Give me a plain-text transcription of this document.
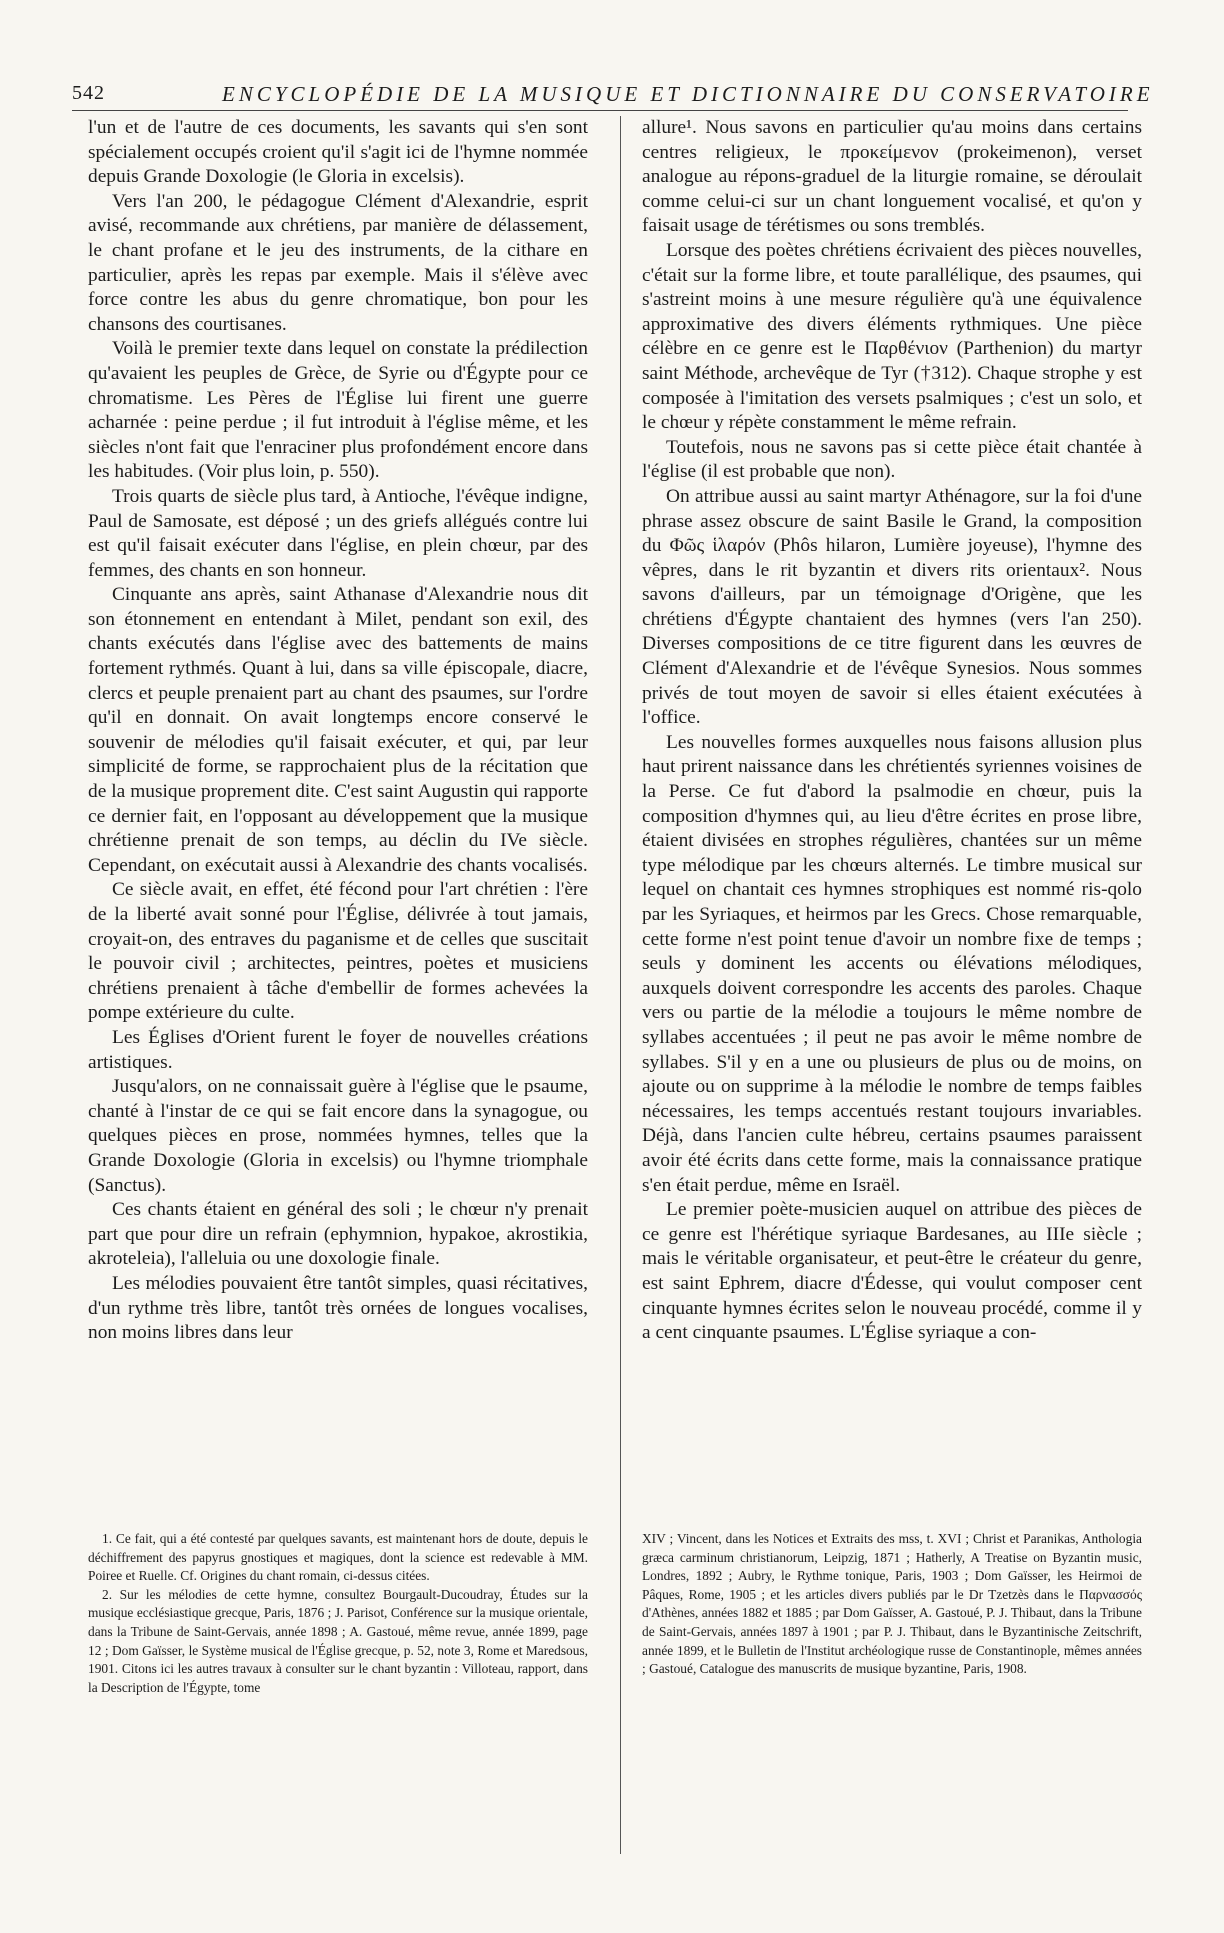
542	ENCYCLOPÉDIE DE LA MUSIQUE ET DICTIONNAIRE DU CONSERVATOIRE

l'un et de l'autre de ces documents, les savants qui s'en sont spécialement occupés croient qu'il s'agit ici de l'hymne nommée depuis Grande Doxologie (le Gloria in excelsis).

Vers l'an 200, le pédagogue Clément d'Alexandrie, esprit avisé, recommande aux chrétiens, par manière de délassement, le chant profane et le jeu des instruments, de la cithare en particulier, après les repas par exemple. Mais il s'élève avec force contre les abus du genre chromatique, bon pour les chansons des courtisanes.

Voilà le premier texte dans lequel on constate la prédilection qu'avaient les peuples de Grèce, de Syrie ou d'Égypte pour ce chromatisme. Les Pères de l'Église lui firent une guerre acharnée : peine perdue ; il fut introduit à l'église même, et les siècles n'ont fait que l'enraciner plus profondément encore dans les habitudes. (Voir plus loin, p. 550).

Trois quarts de siècle plus tard, à Antioche, l'évêque indigne, Paul de Samosate, est déposé ; un des griefs allégués contre lui est qu'il faisait exécuter dans l'église, en plein chœur, par des femmes, des chants en son honneur.

Cinquante ans après, saint Athanase d'Alexandrie nous dit son étonnement en entendant à Milet, pendant son exil, des chants exécutés dans l'église avec des battements de mains fortement rythmés. Quant à lui, dans sa ville épiscopale, diacre, clercs et peuple prenaient part au chant des psaumes, sur l'ordre qu'il en donnait. On avait longtemps encore conservé le souvenir de mélodies qu'il faisait exécuter, et qui, par leur simplicité de forme, se rapprochaient plus de la récitation que de la musique proprement dite. C'est saint Augustin qui rapporte ce dernier fait, en l'opposant au développement que la musique chrétienne prenait de son temps, au déclin du IVe siècle. Cependant, on exécutait aussi à Alexandrie des chants vocalisés.

Ce siècle avait, en effet, été fécond pour l'art chrétien : l'ère de la liberté avait sonné pour l'Église, délivrée à tout jamais, croyait-on, des entraves du paganisme et de celles que suscitait le pouvoir civil ; architectes, peintres, poètes et musiciens chrétiens prenaient à tâche d'embellir de formes achevées la pompe extérieure du culte.

Les Églises d'Orient furent le foyer de nouvelles créations artistiques.

Jusqu'alors, on ne connaissait guère à l'église que le psaume, chanté à l'instar de ce qui se fait encore dans la synagogue, ou quelques pièces en prose, nommées hymnes, telles que la Grande Doxologie (Gloria in excelsis) ou l'hymne triomphale (Sanctus).

Ces chants étaient en général des soli ; le chœur n'y prenait part que pour dire un refrain (ephymnion, hypakoe, akrostikia, akroteleia), l'alleluia ou une doxologie finale.

Les mélodies pouvaient être tantôt simples, quasi récitatives, d'un rythme très libre, tantôt très ornées de longues vocalises, non moins libres dans leur

allure¹. Nous savons en particulier qu'au moins dans certains centres religieux, le προκείμενον (prokeimenon), verset analogue au répons-graduel de la liturgie romaine, se déroulait comme celui-ci sur un chant longuement vocalisé, et qu'on y faisait usage de térétismes ou sons tremblés.

Lorsque des poètes chrétiens écrivaient des pièces nouvelles, c'était sur la forme libre, et toute parallélique, des psaumes, qui s'astreint moins à une mesure régulière qu'à une équivalence approximative des divers éléments rythmiques. Une pièce célèbre en ce genre est le Παρθένιον (Parthenion) du martyr saint Méthode, archevêque de Tyr (†312). Chaque strophe y est composée à l'imitation des versets psalmiques ; c'est un solo, et le chœur y répète constamment le même refrain.

Toutefois, nous ne savons pas si cette pièce était chantée à l'église (il est probable que non).

On attribue aussi au saint martyr Athénagore, sur la foi d'une phrase assez obscure de saint Basile le Grand, la composition du Φῶς ἱλαρόν (Phôs hilaron, Lumière joyeuse), l'hymne des vêpres, dans le rit byzantin et divers rits orientaux². Nous savons d'ailleurs, par un témoignage d'Origène, que les chrétiens d'Égypte chantaient des hymnes (vers l'an 250). Diverses compositions de ce titre figurent dans les œuvres de Clément d'Alexandrie et de l'évêque Synesios. Nous sommes privés de tout moyen de savoir si elles étaient exécutées à l'office.

Les nouvelles formes auxquelles nous faisons allusion plus haut prirent naissance dans les chrétientés syriennes voisines de la Perse. Ce fut d'abord la psalmodie en chœur, puis la composition d'hymnes qui, au lieu d'être écrites en prose libre, étaient divisées en strophes régulières, chantées sur un même type mélodique par les chœurs alternés. Le timbre musical sur lequel on chantait ces hymnes strophiques est nommé ris-qolo par les Syriaques, et heirmos par les Grecs. Chose remarquable, cette forme n'est point tenue d'avoir un nombre fixe de temps ; seuls y dominent les accents ou élévations mélodiques, auxquels doivent correspondre les accents des paroles. Chaque vers ou partie de la mélodie a toujours le même nombre de syllabes accentuées ; il peut ne pas avoir le même nombre de syllabes. S'il y en a une ou plusieurs de plus ou de moins, on ajoute ou on supprime à la mélodie le nombre de temps faibles nécessaires, les temps accentués restant toujours invariables. Déjà, dans l'ancien culte hébreu, certains psaumes paraissent avoir été écrits dans cette forme, mais la connaissance pratique s'en était perdue, même en Israël.

Le premier poète-musicien auquel on attribue des pièces de ce genre est l'hérétique syriaque Bardesanes, au IIIe siècle ; mais le véritable organisateur, et peut-être le créateur du genre, est saint Ephrem, diacre d'Édesse, qui voulut composer cent cinquante hymnes écrites selon le nouveau procédé, comme il y a cent cinquante psaumes. L'Église syriaque a con-

1. Ce fait, qui a été contesté par quelques savants, est maintenant hors de doute, depuis le déchiffrement des papyrus gnostiques et magiques, dont la science est redevable à MM. Poiree et Ruelle. Cf. Origines du chant romain, ci-dessus citées.

2. Sur les mélodies de cette hymne, consultez Bourgault-Ducoudray, Études sur la musique ecclésiastique grecque, Paris, 1876 ; J. Parisot, Conférence sur la musique orientale, dans la Tribune de Saint-Gervais, année 1898 ; A. Gastoué, même revue, année 1899, page 12 ; Dom Gaïsser, le Système musical de l'Église grecque, p. 52, note 3, Rome et Maredsous, 1901. Citons ici les autres travaux à consulter sur le chant byzantin : Villoteau, rapport, dans la Description de l'Égypte, tome

XIV ; Vincent, dans les Notices et Extraits des mss, t. XVI ; Christ et Paranikas, Anthologia græca carminum christianorum, Leipzig, 1871 ; Hatherly, A Treatise on Byzantin music, Londres, 1892 ; Aubry, le Rythme tonique, Paris, 1903 ; Dom Gaïsser, les Heirmoi de Pâques, Rome, 1905 ; et les articles divers publiés par le Dr Tzetzès dans le Παρνασσός d'Athènes, années 1882 et 1885 ; par Dom Gaïsser, A. Gastoué, P. J. Thibaut, dans la Tribune de Saint-Gervais, années 1897 à 1901 ; par P. J. Thibaut, dans le Byzantinische Zeitschrift, année 1899, et le Bulletin de l'Institut archéologique russe de Constantinople, mêmes années ; Gastoué, Catalogue des manuscrits de musique byzantine, Paris, 1908.
